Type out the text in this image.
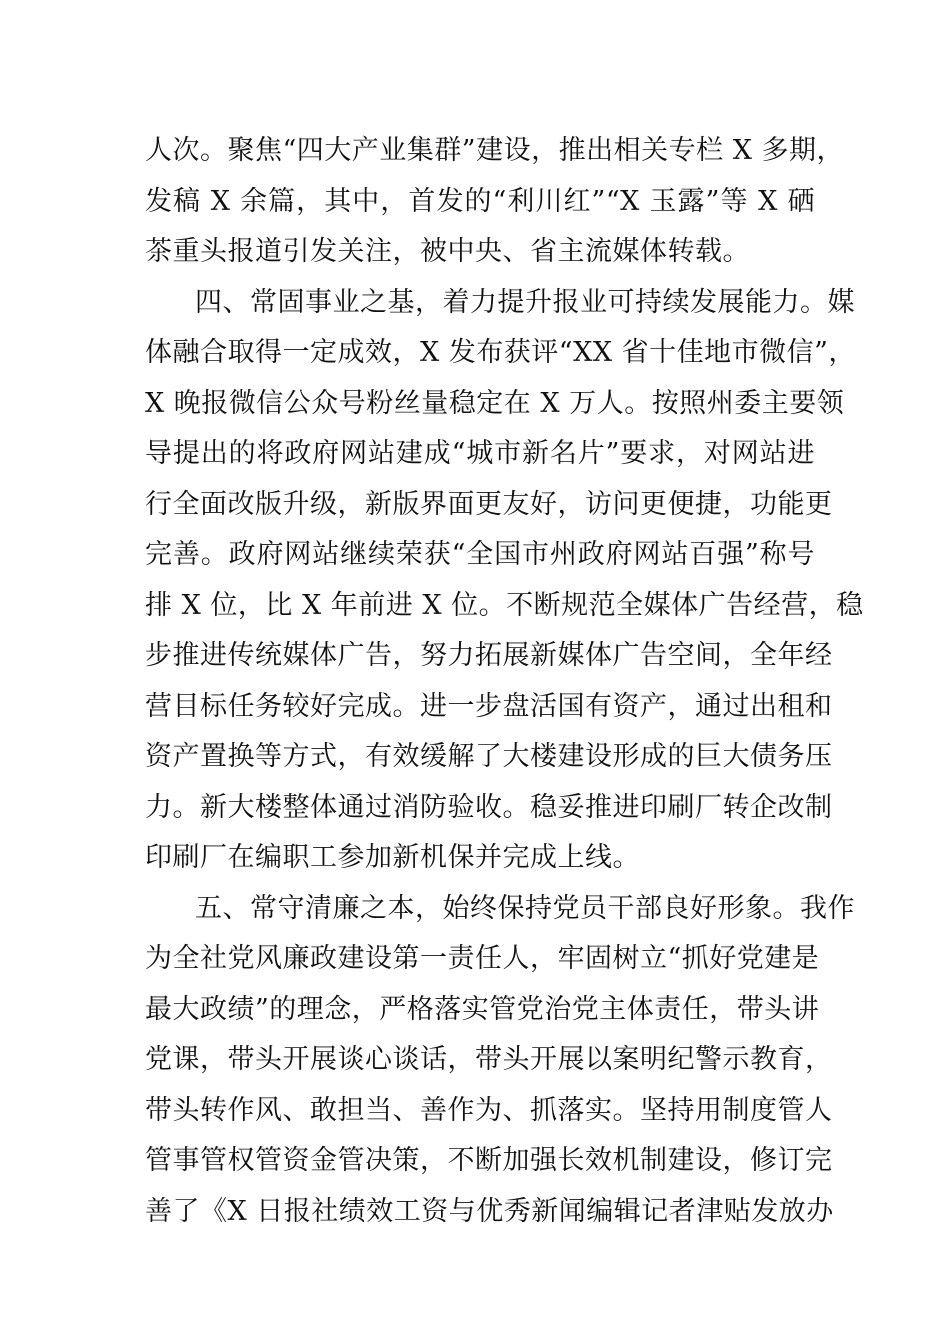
人次。聚焦“四大产业集群”建设，推出相关专栏 X 多期，
发稿 X 余篇，其中，首发的“利川红”“X 玉露”等 X 硒
茶重头报道引发关注，被中央、省主流媒体转载。
四、常固事业之基，着力提升报业可持续发展能力。媒
体融合取得一定成效，X 发布获评“XX 省十佳地市微信”，
X 晚报微信公众号粉丝量稳定在 X 万人。按照州委主要领
导提出的将政府网站建成“城市新名片”要求，对网站进
行全面改版升级，新版界面更友好，访问更便捷，功能更
完善。政府网站继续荣获“全国市州政府网站百强”称号
排 X 位，比 X 年前进 X 位。不断规范全媒体广告经营，稳
步推进传统媒体广告，努力拓展新媒体广告空间，全年经
营目标任务较好完成。进一步盘活国有资产，通过出租和
资产置换等方式，有效缓解了大楼建设形成的巨大债务压
力。新大楼整体通过消防验收。稳妥推进印刷厂转企改制
印刷厂在编职工参加新机保并完成上线。
五、常守清廉之本，始终保持党员干部良好形象。我作
为全社党风廉政建设第一责任人，牢固树立“抓好党建是
最大政绩”的理念，严格落实管党治党主体责任，带头讲
党课，带头开展谈心谈话，带头开展以案明纪警示教育，
带头转作风、敢担当、善作为、抓落实。坚持用制度管人
管事管权管资金管决策，不断加强长效机制建设，修订完
善了《X 日报社绩效工资与优秀新闻编辑记者津贴发放办
